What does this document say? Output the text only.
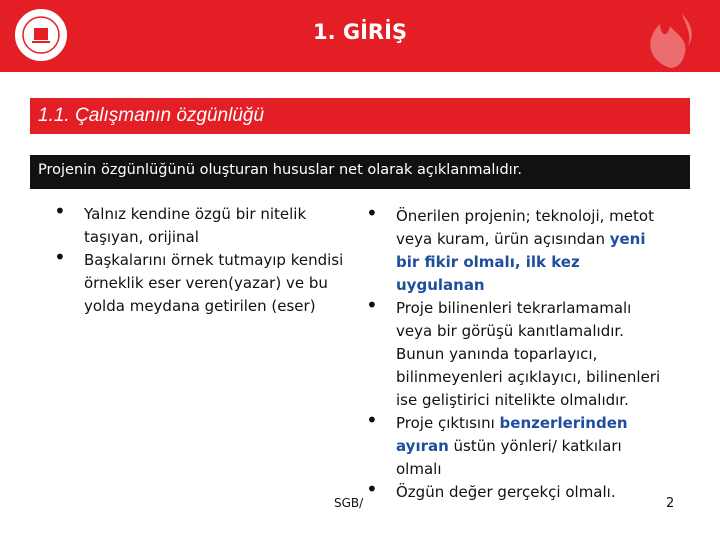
1. GİRİŞ
1.1. Çalışmanın özgünlüğü
Projenin özgünlüğünü oluşturan hususlar net olarak açıklanmalıdır.
• Yalnız kendine özgü bir nitelik taşıyan, orijinal
• Başkalarını örnek tutmayıp kendisi örneklik eser veren(yazar) ve bu yolda meydana getirilen (eser)
• Önerilen projenin; teknoloji, metot veya kuram, ürün açısından yeni bir fikir olmalı, ilk kez uygulanan
• Proje bilinenleri tekrarlamamalı veya bir görüşü kanıtlamalıdır. Bunun yanında toparlayıcı, bilinmeyenleri açıklayıcı, bilinenleri ise geliştirici nitelikte olmalıdır.
• Proje çıktısını benzerlerinden ayıran üstün yönleri/ katkıları olmalı
• Özgün değer gerçekçi olmalı.
SGB/	2
